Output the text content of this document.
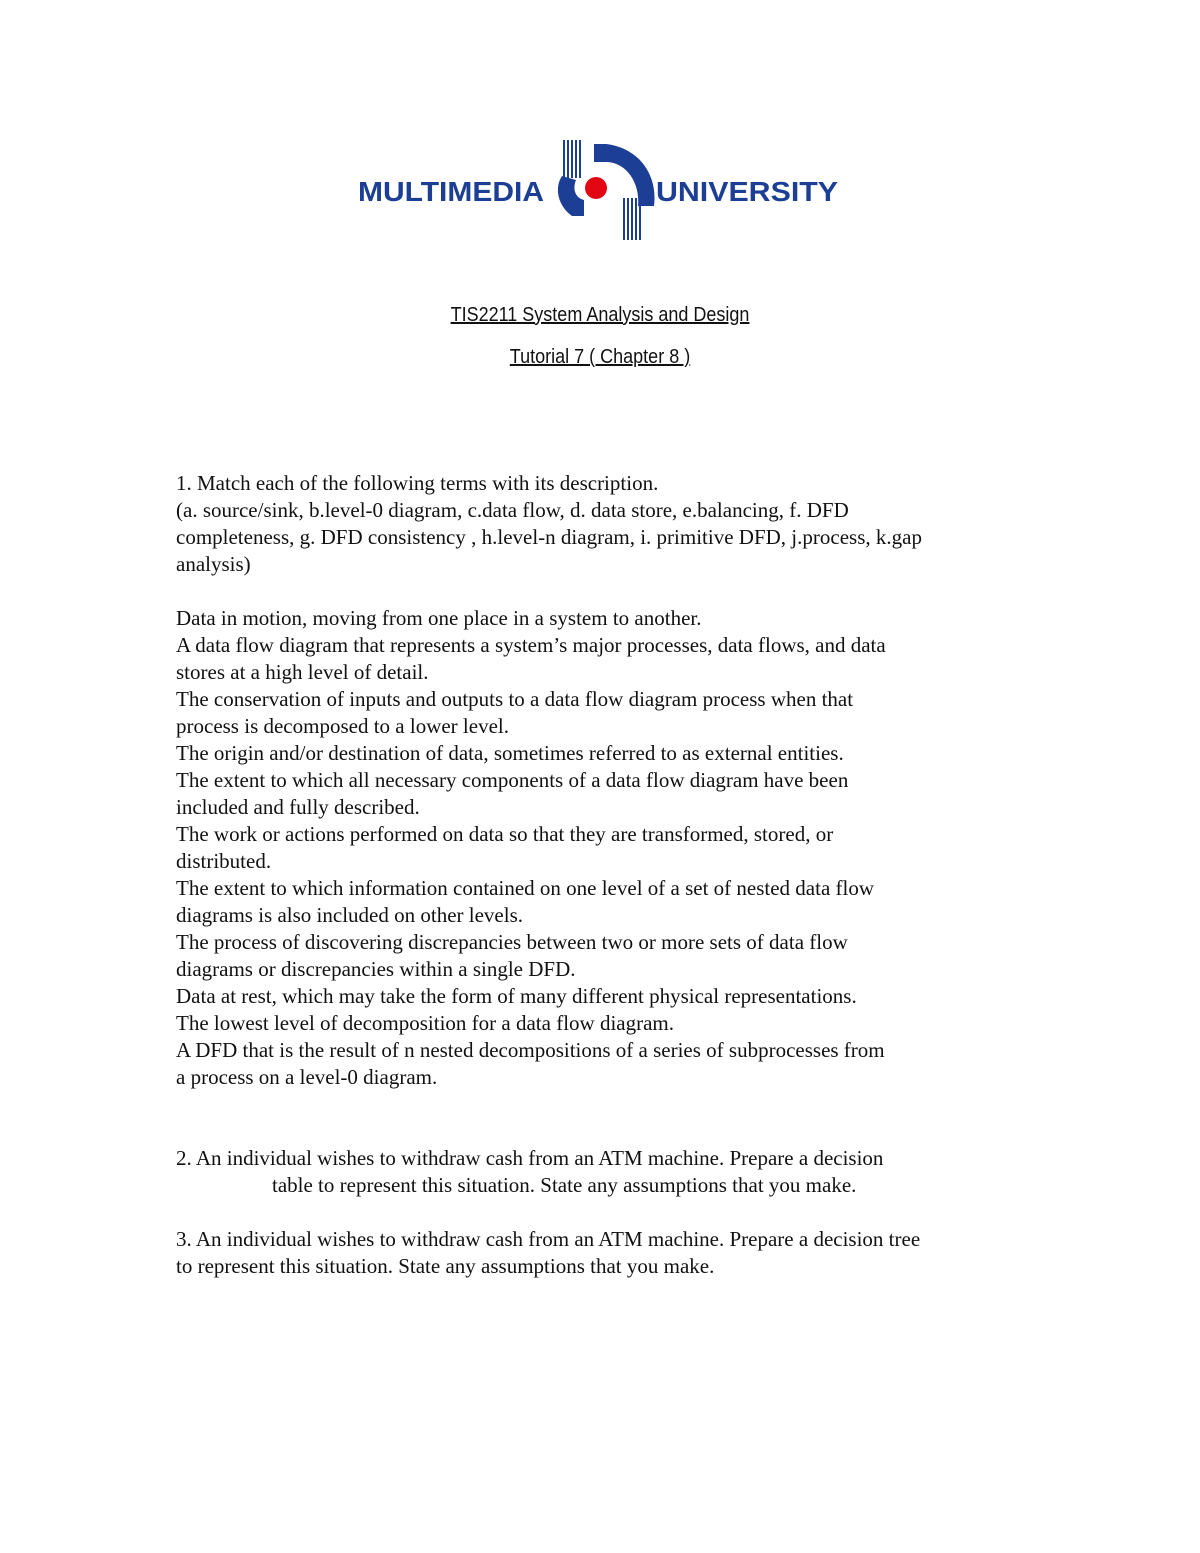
MULTIMEDIA	UNIVERSITY
TIS2211 System Analysis and Design
Tutorial 7 ( Chapter 8 )
1. Match each of the following terms with its description.
(a. source/sink, b.level-0 diagram, c.data flow, d. data store, e.balancing, f. DFD
completeness, g. DFD consistency , h.level-n diagram, i. primitive DFD, j.process, k.gap
analysis)
Data in motion, moving from one place in a system to another.
A data flow diagram that represents a system’s major processes, data flows, and data
stores at a high level of detail.
The conservation of inputs and outputs to a data flow diagram process when that
process is decomposed to a lower level.
The origin and/or destination of data, sometimes referred to as external entities.
The extent to which all necessary components of a data flow diagram have been
included and fully described.
The work or actions performed on data so that they are transformed, stored, or
distributed.
The extent to which information contained on one level of a set of nested data flow
diagrams is also included on other levels.
The process of discovering discrepancies between two or more sets of data flow
diagrams or discrepancies within a single DFD.
Data at rest, which may take the form of many different physical representations.
The lowest level of decomposition for a data flow diagram.
A DFD that is the result of n nested decompositions of a series of subprocesses from
a process on a level-0 diagram.
2. An individual wishes to withdraw cash from an ATM machine. Prepare a decision
table to represent this situation. State any assumptions that you make.
3. An individual wishes to withdraw cash from an ATM machine. Prepare a decision tree
to represent this situation. State any assumptions that you make.
